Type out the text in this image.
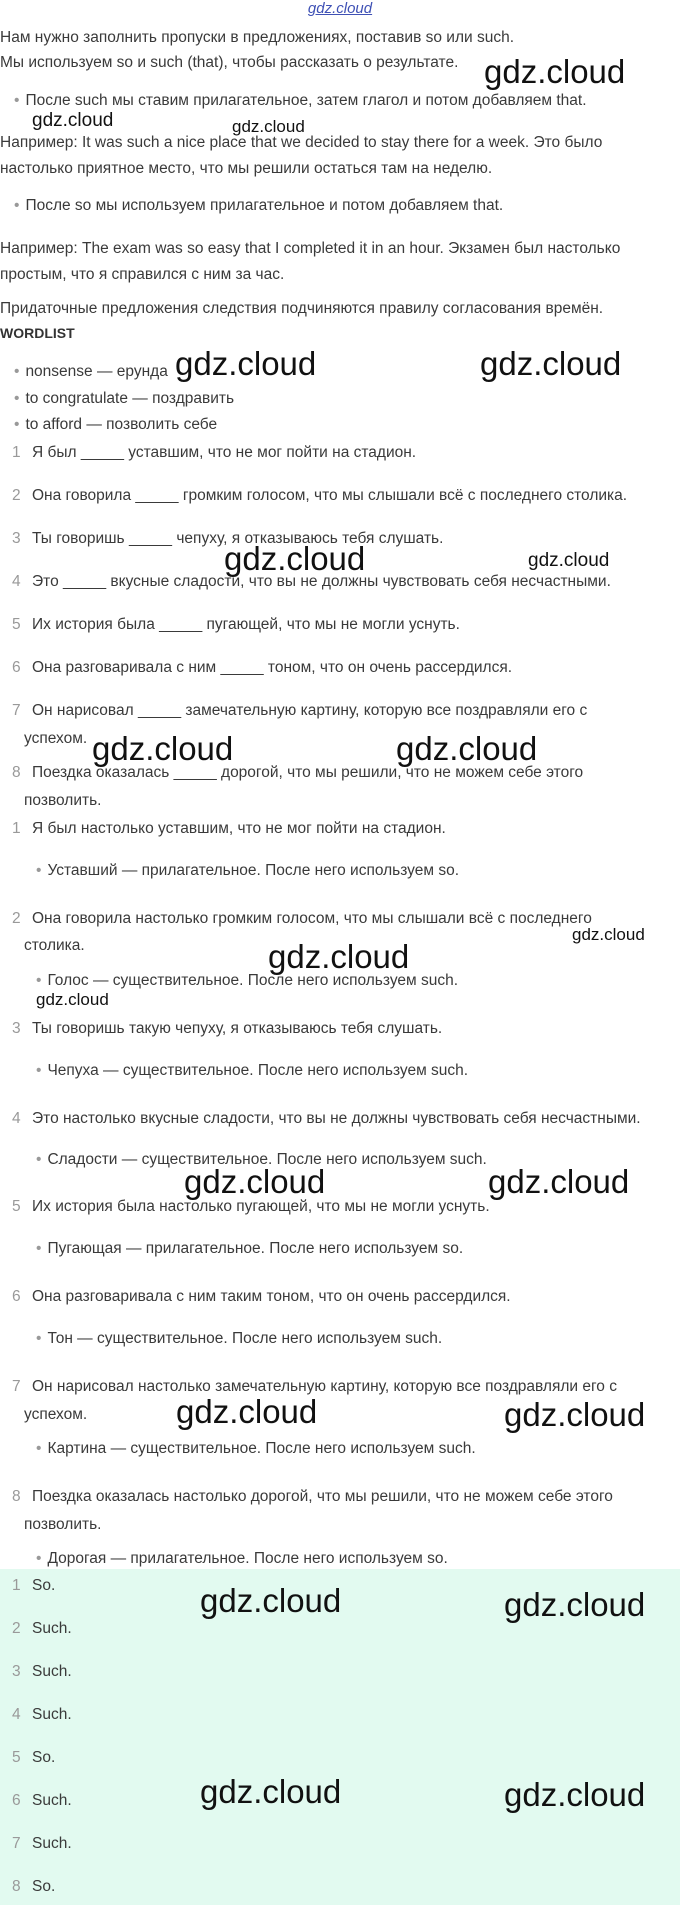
gdz.cloud
Нам нужно заполнить пропуски в предложениях, поставив so или such.
Мы используем so и such (that), чтобы рассказать о результате.
• После such мы ставим прилагательное, затем глагол и потом добавляем that.
Например: It was such a nice place that we decided to stay there for a week. Это было
настолько приятное место, что мы решили остаться там на неделю.
• После so мы используем прилагательное и потом добавляем that.
Например: The exam was so easy that I completed it in an hour. Экзамен был настолько
простым, что я справился с ним за час.
Придаточные предложения следствия подчиняются правилу согласования времён.
WORDLIST
• nonsense — ерунда
• to congratulate — поздравить
• to afford — позволить себе
1 Я был _____ уставшим, что не мог пойти на стадион.
2 Она говорила _____ громким голосом, что мы слышали всё с последнего столика.
3 Ты говоришь _____ чепуху, я отказываюсь тебя слушать.
4 Это _____ вкусные сладости, что вы не должны чувствовать себя несчастными.
5 Их история была _____ пугающей, что мы не могли уснуть.
6 Она разговаривала с ним _____ тоном, что он очень рассердился.
7 Он нарисовал _____ замечательную картину, которую все поздравляли его с
успехом.
8 Поездка оказалась _____ дорогой, что мы решили, что не можем себе этого
позволить.
1 Я был настолько уставшим, что не мог пойти на стадион.
• Уставший — прилагательное. После него используем so.
2 Она говорила настолько громким голосом, что мы слышали всё с последнего
столика.
• Голос — существительное. После него используем such.
3 Ты говоришь такую чепуху, я отказываюсь тебя слушать.
• Чепуха — существительное. После него используем such.
4 Это настолько вкусные сладости, что вы не должны чувствовать себя несчастными.
• Сладости — существительное. После него используем such.
5 Их история была настолько пугающей, что мы не могли уснуть.
• Пугающая — прилагательное. После него используем so.
6 Она разговаривала с ним таким тоном, что он очень рассердился.
• Тон — существительное. После него используем such.
7 Он нарисовал настолько замечательную картину, которую все поздравляли его с
успехом.
• Картина — существительное. После него используем such.
8 Поездка оказалась настолько дорогой, что мы решили, что не можем себе этого
позволить.
• Дорогая — прилагательное. После него используем so.
1 So.
2 Such.
3 Such.
4 Such.
5 So.
6 Such.
7 Such.
8 So.
gdz.cloud
gdz.cloud	gdz.cloud
gdz.cloud	gdz.cloud
gdz.cloud	gdz.cloud
gdz.cloud	gdz.cloud
gdz.cloud
gdz.cloud
gdz.cloud
gdz.cloud	gdz.cloud
gdz.cloud	gdz.cloud
gdz.cloud	gdz.cloud
gdz.cloud	gdz.cloud
